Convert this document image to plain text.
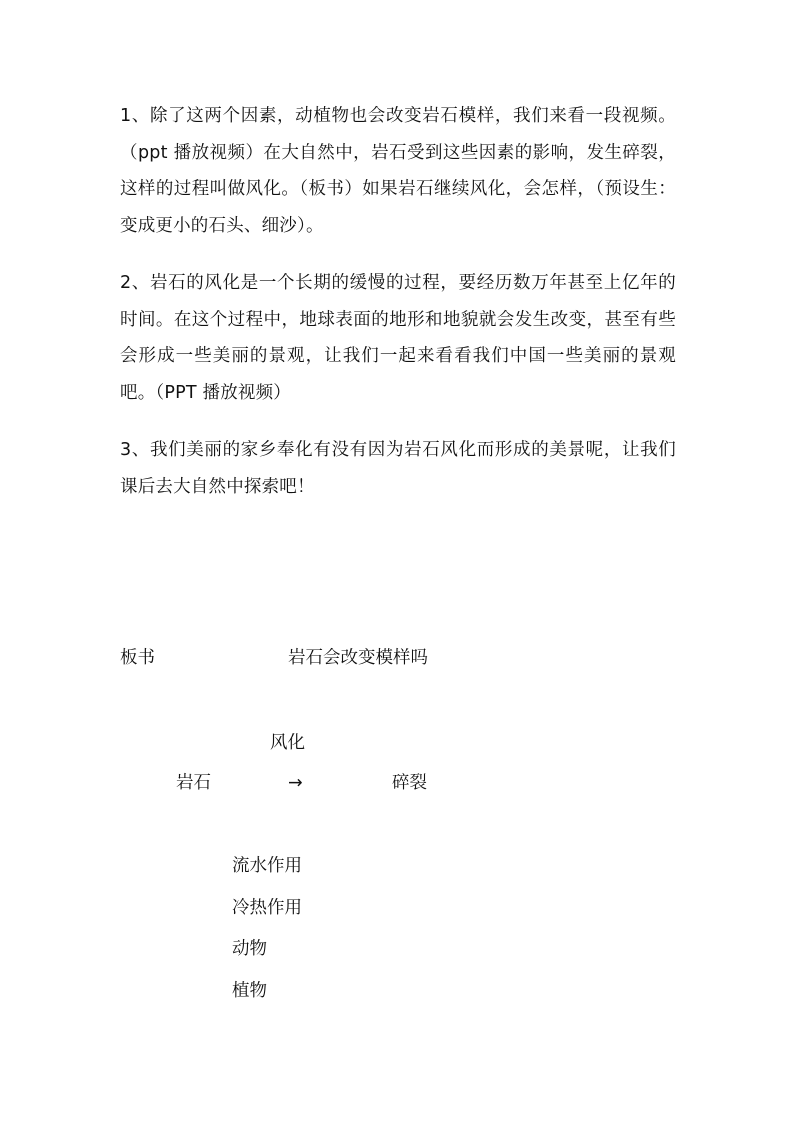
1、除了这两个因素，动植物也会改变岩石模样，我们来看一段视频。（ppt 播放视频）在大自然中，岩石受到这些因素的影响，发生碎裂，这样的过程叫做风化。（板书）如果岩石继续风化，会怎样，（预设生：变成更小的石头、细沙）。

2、岩石的风化是一个长期的缓慢的过程，要经历数万年甚至上亿年的时间。在这个过程中，地球表面的地形和地貌就会发生改变，甚至有些会形成一些美丽的景观，让我们一起来看看我们中国一些美丽的景观吧。（PPT 播放视频）

3、我们美丽的家乡奉化有没有因为岩石风化而形成的美景呢，让我们课后去大自然中探索吧！

板书	岩石会改变模样吗
风化
岩石	→	碎裂
流水作用
冷热作用
动物
植物
